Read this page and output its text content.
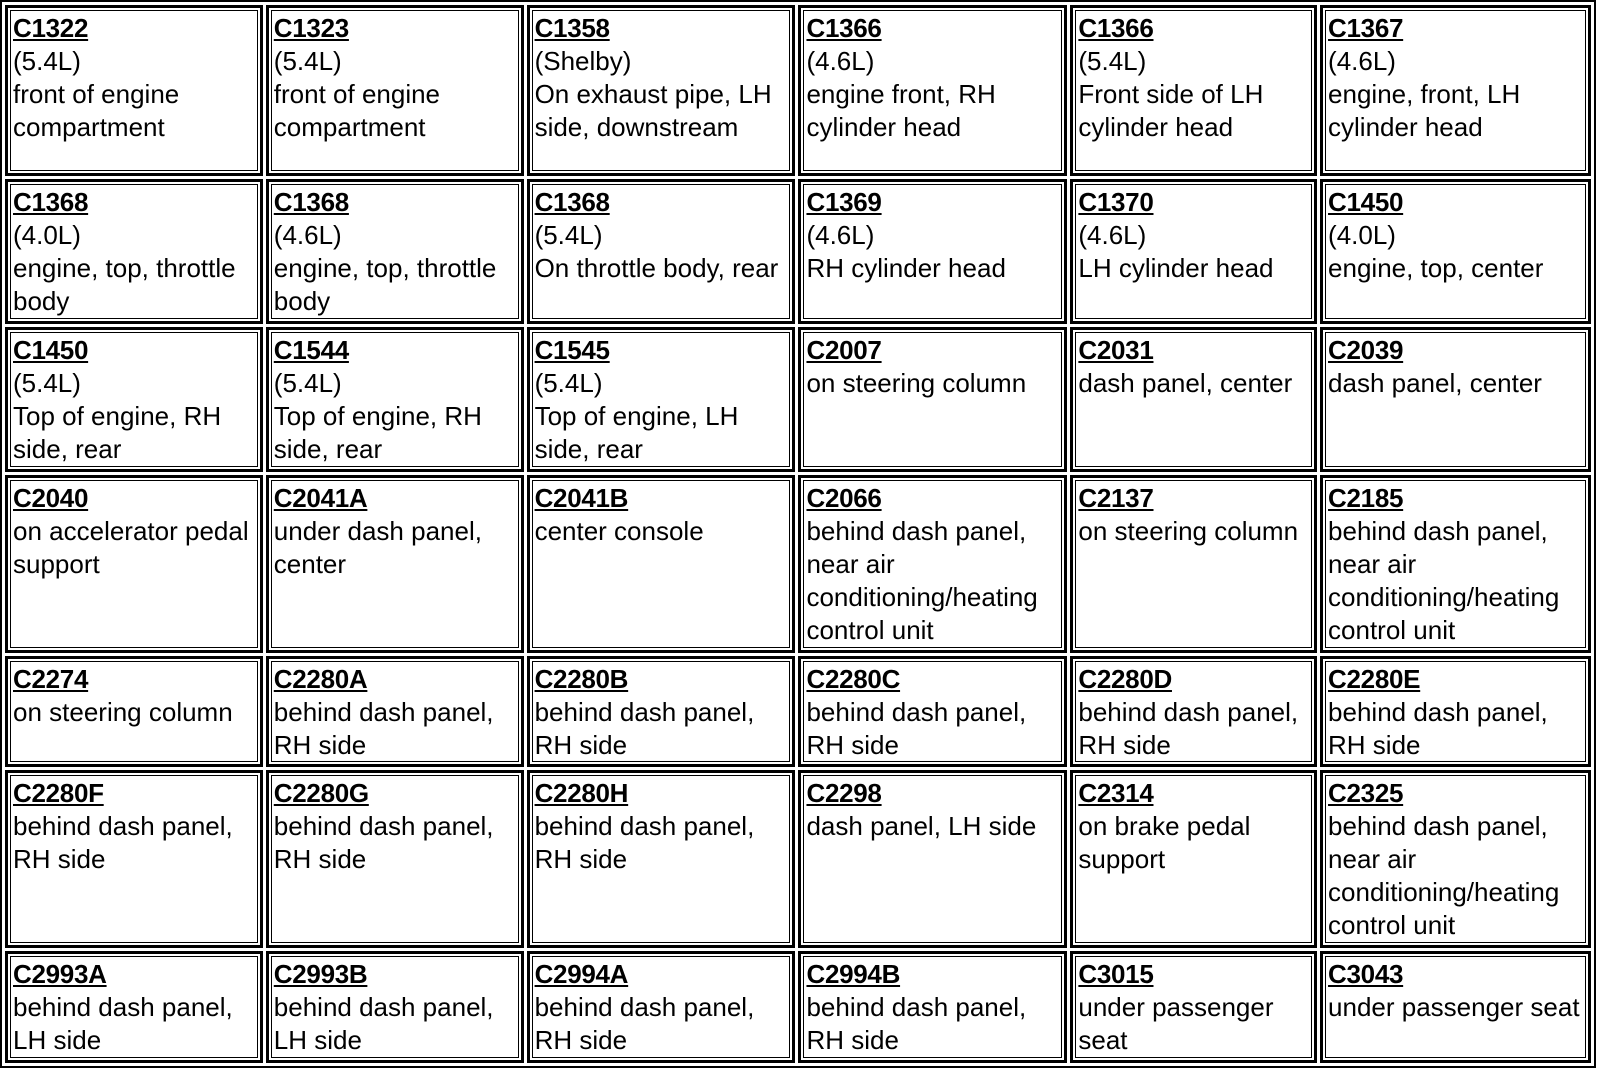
C1322
(5.4L)
front of engine compartment	C1323
(5.4L)
front of engine compartment	C1358
(Shelby)
On exhaust pipe, LH side, downstream	C1366
(4.6L)
engine front, RH cylinder head	C1366
(5.4L)
Front side of LH cylinder head	C1367
(4.6L)
engine, front, LH cylinder head

C1368
(4.0L)
engine, top, throttle body	C1368
(4.6L)
engine, top, throttle body	C1368
(5.4L)
On throttle body, rear	C1369
(4.6L)
RH cylinder head	C1370
(4.6L)
LH cylinder head	C1450
(4.0L)
engine, top, center

C1450
(5.4L)
Top of engine, RH side, rear	C1544
(5.4L)
Top of engine, RH side, rear	C1545
(5.4L)
Top of engine, LH side, rear	C2007
on steering column	C2031
dash panel, center	C2039
dash panel, center

C2040
on accelerator pedal support	C2041A
under dash panel, center	C2041B
center console	C2066
behind dash panel, near air conditioning/heating control unit	C2137
on steering column	C2185
behind dash panel, near air conditioning/heating control unit

C2274
on steering column	C2280A
behind dash panel, RH side	C2280B
behind dash panel, RH side	C2280C
behind dash panel, RH side	C2280D
behind dash panel, RH side	C2280E
behind dash panel, RH side

C2280F
behind dash panel, RH side	C2280G
behind dash panel, RH side	C2280H
behind dash panel, RH side	C2298
dash panel, LH side	C2314
on brake pedal support	C2325
behind dash panel, near air conditioning/heating control unit

C2993A
behind dash panel, LH side	C2993B
behind dash panel, LH side	C2994A
behind dash panel, RH side	C2994B
behind dash panel, RH side	C3015
under passenger seat	C3043
under passenger seat
